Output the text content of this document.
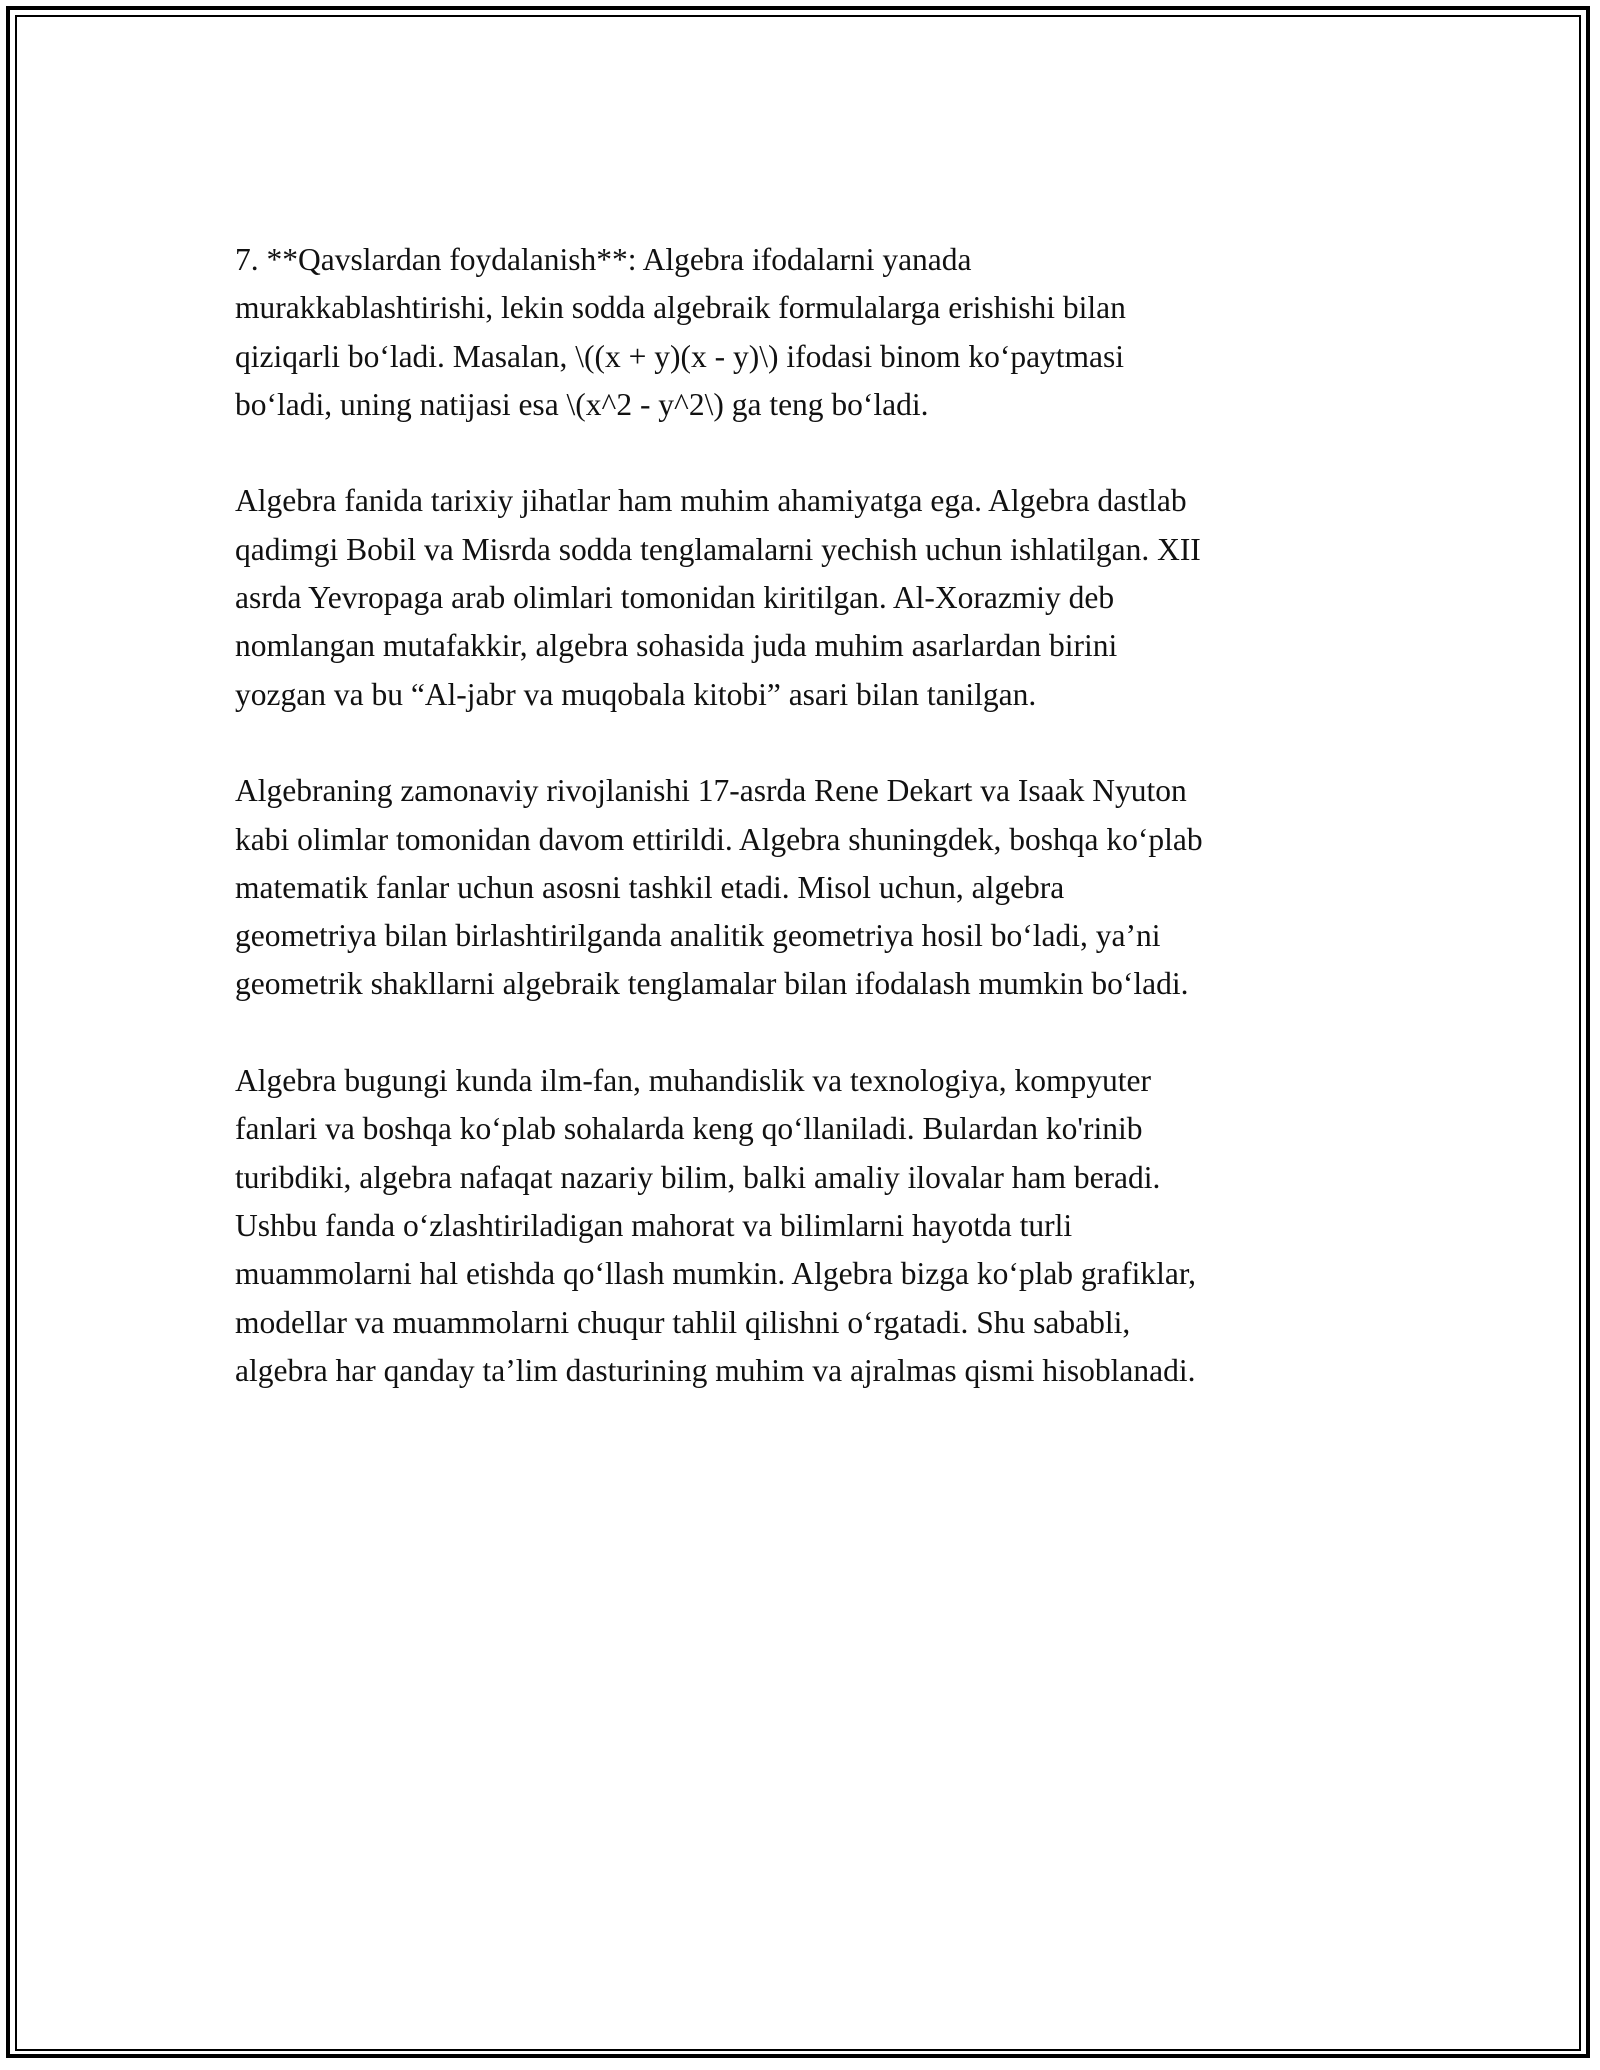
7. **Qavslardan foydalanish**: Algebra ifodalarni yanada
murakkablashtirishi, lekin sodda algebraik formulalarga erishishi bilan
qiziqarli bo‘ladi. Masalan, \((x + y)(x - y)\) ifodasi binom ko‘paytmasi
bo‘ladi, uning natijasi esa \(x^2 - y^2\) ga teng bo‘ladi.

Algebra fanida tarixiy jihatlar ham muhim ahamiyatga ega. Algebra dastlab
qadimgi Bobil va Misrda sodda tenglamalarni yechish uchun ishlatilgan. XII
asrda Yevropaga arab olimlari tomonidan kiritilgan. Al-Xorazmiy deb
nomlangan mutafakkir, algebra sohasida juda muhim asarlardan birini
yozgan va bu “Al-jabr va muqobala kitobi” asari bilan tanilgan.

Algebraning zamonaviy rivojlanishi 17-asrda Rene Dekart va Isaak Nyuton
kabi olimlar tomonidan davom ettirildi. Algebra shuningdek, boshqa ko‘plab
matematik fanlar uchun asosni tashkil etadi. Misol uchun, algebra
geometriya bilan birlashtirilganda analitik geometriya hosil bo‘ladi, ya’ni
geometrik shakllarni algebraik tenglamalar bilan ifodalash mumkin bo‘ladi.

Algebra bugungi kunda ilm-fan, muhandislik va texnologiya, kompyuter
fanlari va boshqa ko‘plab sohalarda keng qo‘llaniladi. Bulardan ko'rinib
turibdiki, algebra nafaqat nazariy bilim, balki amaliy ilovalar ham beradi.
Ushbu fanda o‘zlashtiriladigan mahorat va bilimlarni hayotda turli
muammolarni hal etishda qo‘llash mumkin. Algebra bizga ko‘plab grafiklar,
modellar va muammolarni chuqur tahlil qilishni o‘rgatadi. Shu sababli,
algebra har qanday ta’lim dasturining muhim va ajralmas qismi hisoblanadi.
